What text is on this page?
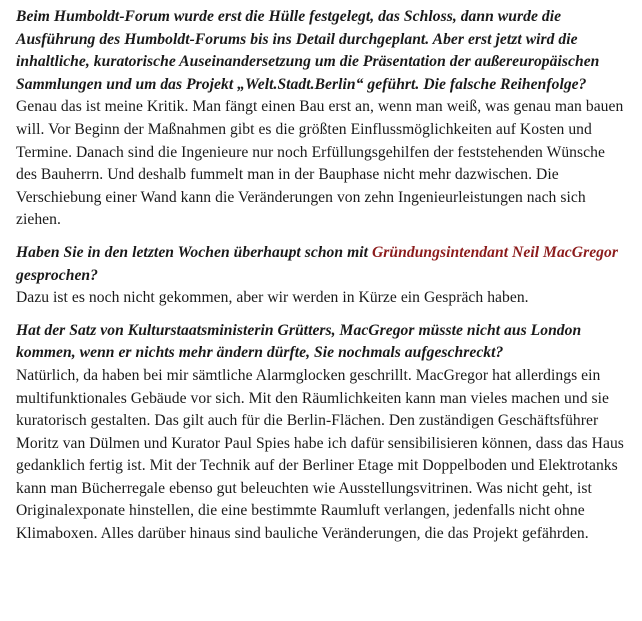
Beim Humboldt-Forum wurde erst die Hülle festgelegt, das Schloss, dann wurde die Ausführung des Humboldt-Forums bis ins Detail durchgeplant. Aber erst jetzt wird die inhaltliche, kuratorische Auseinandersetzung um die Präsentation der außereuropäischen Sammlungen und um das Projekt „Welt.Stadt.Berlin“ geführt. Die falsche Reihenfolge?

Genau das ist meine Kritik. Man fängt einen Bau erst an, wenn man weiß, was genau man bauen will. Vor Beginn der Maßnahmen gibt es die größten Einflussmöglichkeiten auf Kosten und Termine. Danach sind die Ingenieure nur noch Erfüllungsgehilfen der feststehenden Wünsche des Bauherrn. Und deshalb fummelt man in der Bauphase nicht mehr dazwischen. Die Verschiebung einer Wand kann die Veränderungen von zehn Ingenieurleistungen nach sich ziehen.

Haben Sie in den letzten Wochen überhaupt schon mit Gründungsintendant Neil MacGregor gesprochen?

Dazu ist es noch nicht gekommen, aber wir werden in Kürze ein Gespräch haben.

Hat der Satz von Kulturstaatsministerin Grütters, MacGregor müsste nicht aus London kommen, wenn er nichts mehr ändern dürfte, Sie nochmals aufgeschreckt?

Natürlich, da haben bei mir sämtliche Alarmglocken geschrillt. MacGregor hat allerdings ein multifunktionales Gebäude vor sich. Mit den Räumlichkeiten kann man vieles machen und sie kuratorisch gestalten. Das gilt auch für die Berlin-Flächen. Den zuständigen Geschäftsführer Moritz van Dülmen und Kurator Paul Spies habe ich dafür sensibilisieren können, dass das Haus gedanklich fertig ist. Mit der Technik auf der Berliner Etage mit Doppelboden und Elektrotanks kann man Bücherregale ebenso gut beleuchten wie Ausstellungsvitrinen. Was nicht geht, ist Originalexponate hinstellen, die eine bestimmte Raumluft verlangen, jedenfalls nicht ohne Klimaboxen. Alles darüber hinaus sind bauliche Veränderungen, die das Projekt gefährden.
